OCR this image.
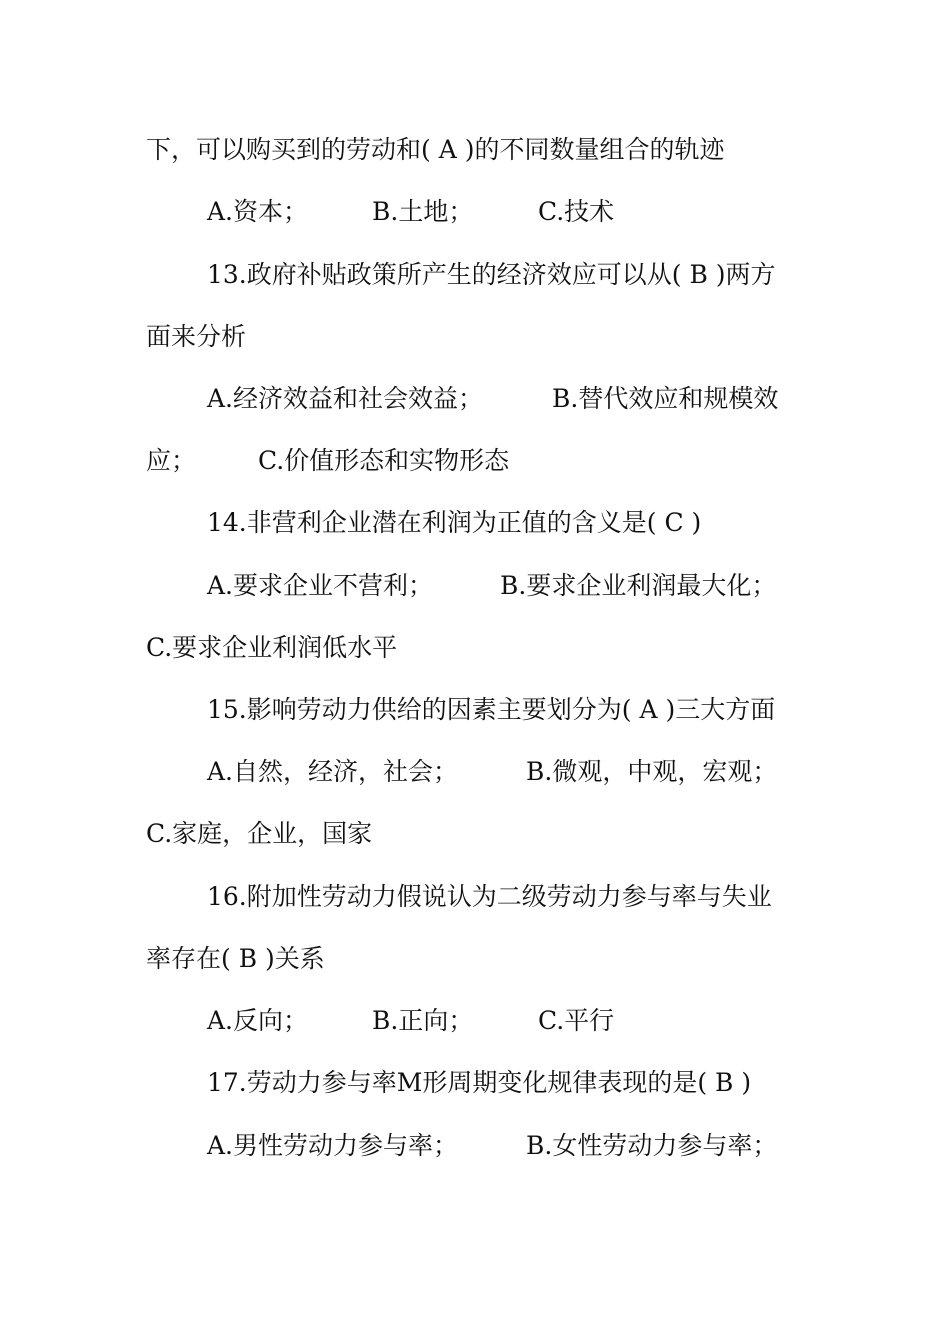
下，可以购买到的劳动和( A )的不同数量组合的轨迹
A.资本；	B.土地；	C.技术
13.政府补贴政策所产生的经济效应可以从( B )两方
面来分析
A.经济效益和社会效益；	B.替代效应和规模效
应； C.价值形态和实物形态
14.非营利企业潜在利润为正值的含义是( C )
A.要求企业不营利；	B.要求企业利润最大化；
C.要求企业利润低水平
15.影响劳动力供给的因素主要划分为( A )三大方面
A.自然，经济，社会；	B.微观，中观，宏观；
C.家庭，企业，国家
16.附加性劳动力假说认为二级劳动力参与率与失业
率存在( B )关系
A.反向；	B.正向；	C.平行
17.劳动力参与率M形周期变化规律表现的是( B )
A.男性劳动力参与率；	B.女性劳动力参与率；
